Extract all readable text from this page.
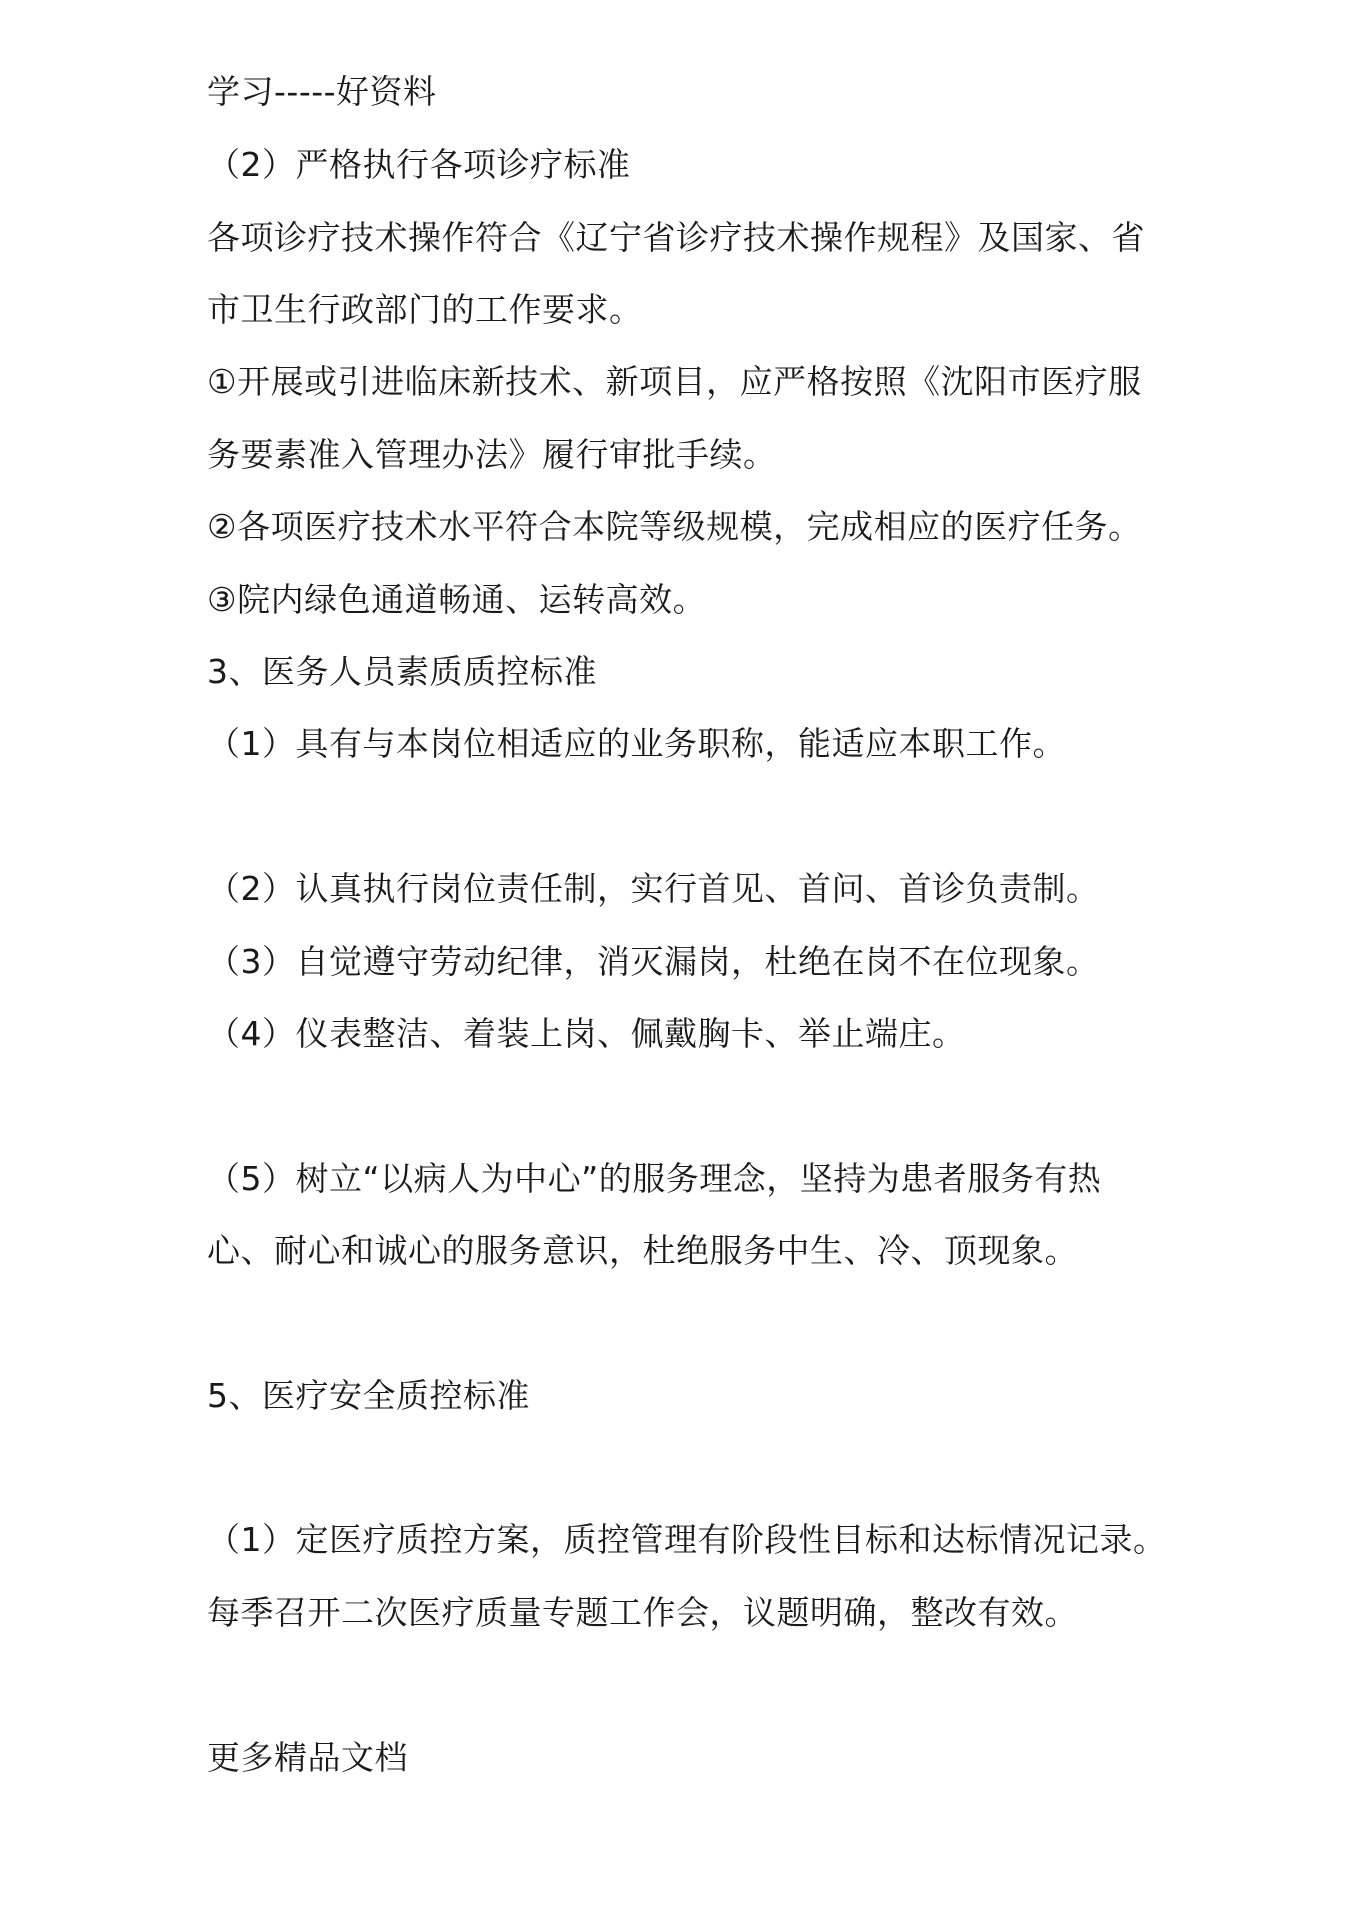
学习-----好资料
（2）严格执行各项诊疗标准
各项诊疗技术操作符合《辽宁省诊疗技术操作规程》及国家、省
市卫生行政部门的工作要求。
①开展或引进临床新技术、新项目，应严格按照《沈阳市医疗服
务要素准入管理办法》履行审批手续。
②各项医疗技术水平符合本院等级规模，完成相应的医疗任务。
③院内绿色通道畅通、运转高效。
3、医务人员素质质控标准
（1）具有与本岗位相适应的业务职称，能适应本职工作。
（2）认真执行岗位责任制，实行首见、首问、首诊负责制。
（3）自觉遵守劳动纪律，消灭漏岗，杜绝在岗不在位现象。
（4）仪表整洁、着装上岗、佩戴胸卡、举止端庄。
（5）树立“以病人为中心”的服务理念，坚持为患者服务有热
心、耐心和诚心的服务意识，杜绝服务中生、冷、顶现象。
5、医疗安全质控标准
（1）定医疗质控方案，质控管理有阶段性目标和达标情况记录。
每季召开二次医疗质量专题工作会，议题明确，整改有效。
更多精品文档
